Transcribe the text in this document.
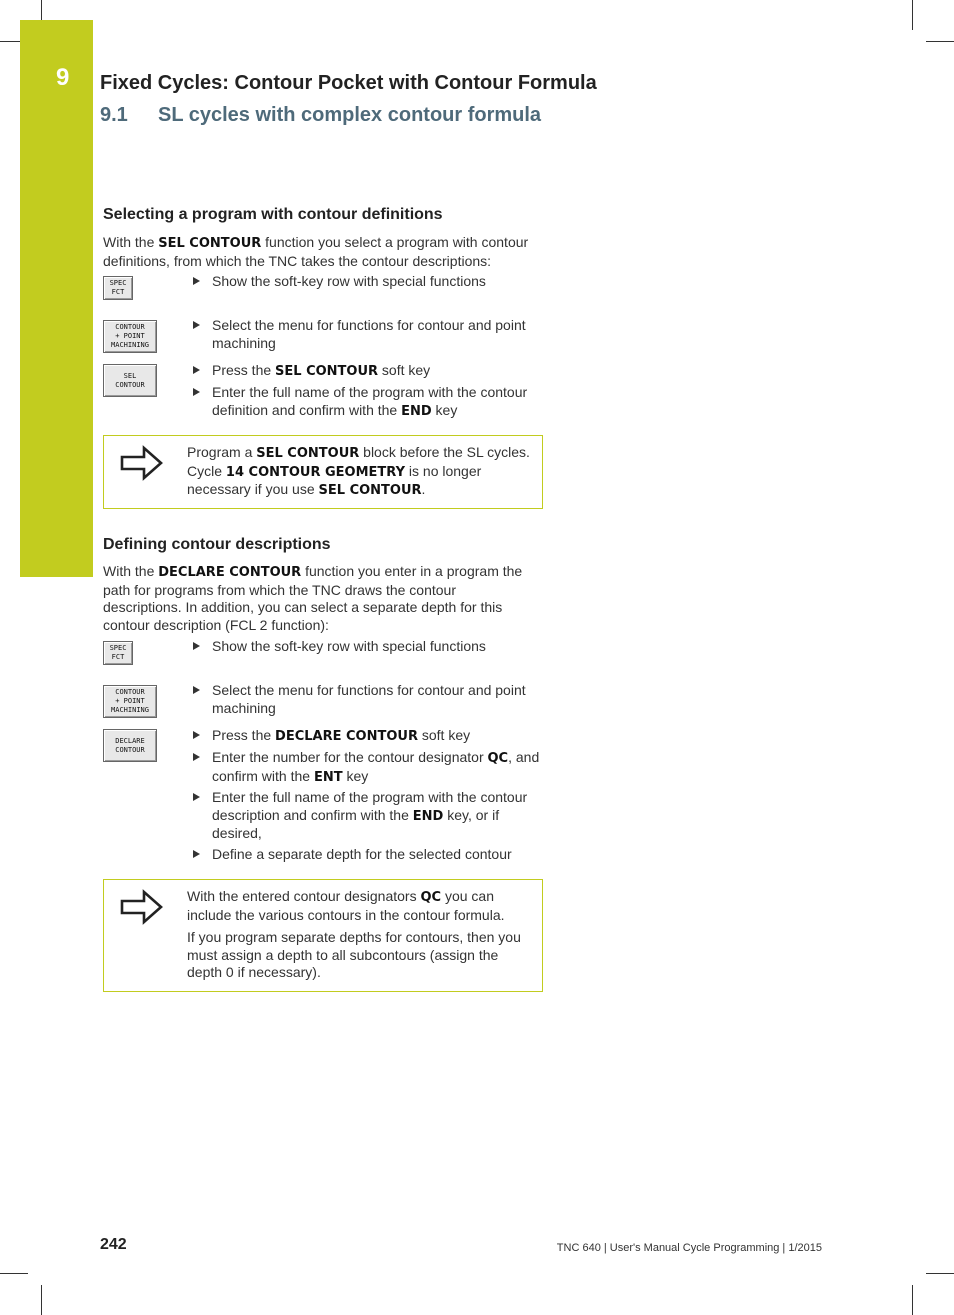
9 Fixed Cycles: Contour Pocket with Contour Formula
9.1 SL cycles with complex contour formula
Selecting a program with contour definitions
With the SEL CONTOUR function you select a program with contour definitions, from which the TNC takes the contour descriptions:
SPEC
FCT
Show the soft-key row with special functions
CONTOUR
+ POINT
MACHINING
Select the menu for functions for contour and point machining
SEL
CONTOUR
Press the SEL CONTOUR soft key
Enter the full name of the program with the contour definition and confirm with the END key

Program a SEL CONTOUR block before the SL cycles. Cycle 14 CONTOUR GEOMETRY is no longer necessary if you use SEL CONTOUR.

Defining contour descriptions
With the DECLARE CONTOUR function you enter in a program the path for programs from which the TNC draws the contour descriptions. In addition, you can select a separate depth for this contour description (FCL 2 function):
SPEC
FCT
Show the soft-key row with special functions
CONTOUR
+ POINT
MACHINING
Select the menu for functions for contour and point machining
DECLARE
CONTOUR
Press the DECLARE CONTOUR soft key
Enter the number for the contour designator QC, and confirm with the ENT key
Enter the full name of the program with the contour description and confirm with the END key, or if desired,
Define a separate depth for the selected contour

With the entered contour designators QC you can include the various contours in the contour formula.

If you program separate depths for contours, then you must assign a depth to all subcontours (assign the depth 0 if necessary).

242	TNC 640 | User's Manual Cycle Programming | 1/2015
